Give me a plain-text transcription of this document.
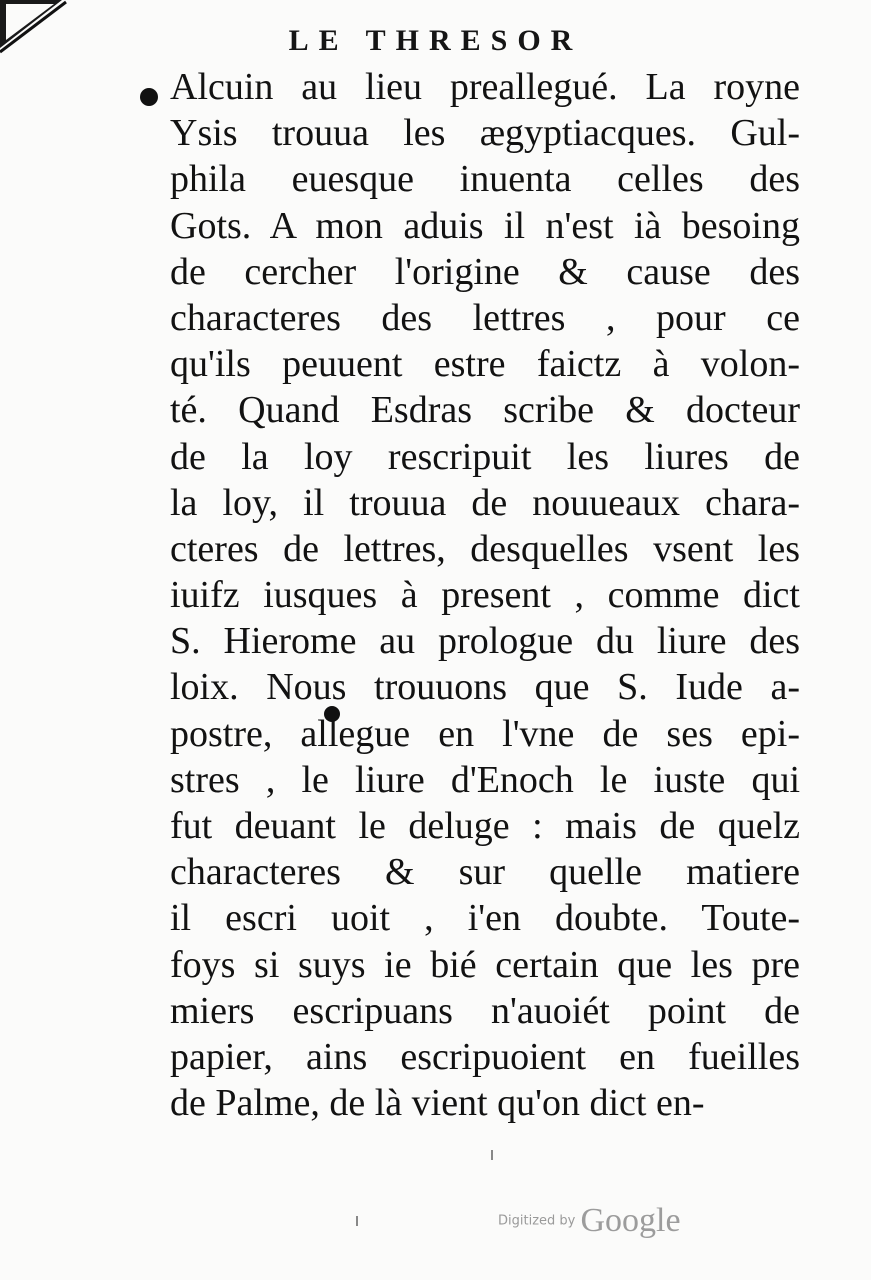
LE THRESOR
Alcuin au lieu preallegué. La royne
Ysis trouua les ægyptiacques. Gul-
phila euesque inuenta celles des
Gots. A mon aduis il n'est ià besoing
de cercher l'origine & cause des
characteres des lettres , pour ce
qu'ils peuuent estre faictz à volon-
té. Quand Esdras scribe & docteur
de la loy rescripuit les liures de
la loy, il trouua de nouueaux chara-
cteres de lettres, desquelles vsent les
iuifz iusques à present , comme dict
S. Hierome au prologue du liure des
loix. Nous trouuons que S. Iude a-
postre, allegue en l'vne de ses epi-
stres , le liure d'Enoch le iuste qui
fut deuant le deluge : mais de quelz
characteres & sur quelle matiere
il escri uoit , i'en doubte. Toute-
foys si suys ie bié certain que les pre
miers escripuans n'auoiét point de
papier, ains escripuoient en fueilles
de Palme, de là vient qu'on dict en-
Digitized by Google
